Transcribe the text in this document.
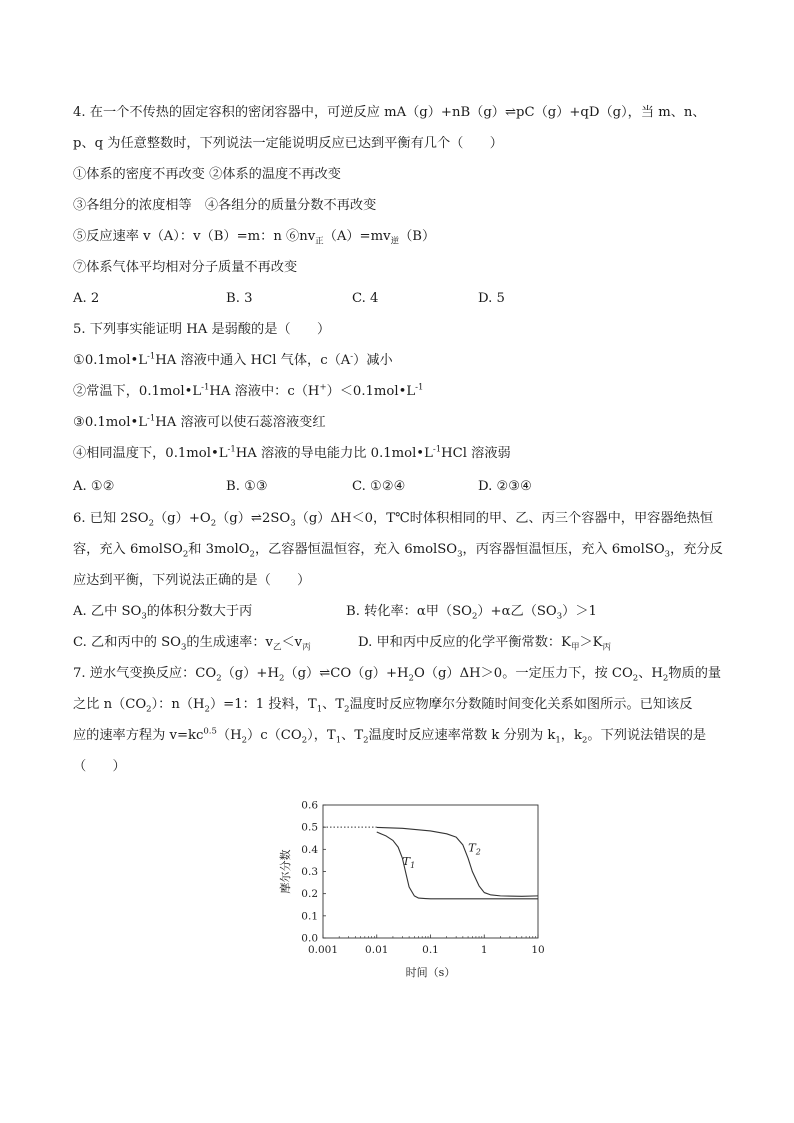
4. 在一个不传热的固定容积的密闭容器中，可逆反应 mA（g）+nB（g）⇌pC（g）+qD（g），当 m、n、
p、q 为任意整数时，下列说法一定能说明反应已达到平衡有几个（　　）
①体系的密度不再改变 ②体系的温度不再改变
③各组分的浓度相等　④各组分的质量分数不再改变
⑤反应速率 v（A）：v（B）=m：n $⑥nv_正(A)=mv_逆(B)$
⑦体系气体平均相对分子质量不再改变
A. 2	B. 3	C. 4	D. 5
5. 下列事实能证明 HA 是弱酸的是（　　）
$①0.1mol•L^{-1}HA$ 溶液中通入 HCl 气体，c（A-）减小
②常温下，$0.1mol•L^{-1}HA$ 溶液中：$c(H^+)<0.1mol•L^{-1}$
$③0.1mol•L^{-1}HA$ 溶液可以使石蕊溶液变红
④相同温度下，$0.1mol•L^{-1}HA$ 溶液的导电能力比 $0.1mol•L^{-1}HCl$ 溶液弱
A. ①②	B. ①③	C. ①②④	D. ②③④
6. 已知 $2SO_2(g)+O_2(g)\rightleftharpoons 2SO_3(g)\Delta H<0$，T℃时体积相同的甲、乙、丙三个容器中，甲容器绝热恒
容，充入 6molSO$_2$和 3molO$_2$，乙容器恒温恒容，充入 6molSO$_3$，丙容器恒温恒压，充入 6molSO$_3$，充分反
应达到平衡，下列说法正确的是（　　）
A. 乙中 $SO_3$的体积分数大于丙	B. 转化率：α甲$(SO_2)+\alpha$乙$(SO_3)>1$
C. 乙和丙中的 $SO_3$的生成速率：$v_乙<v_丙$	D. 甲和丙中反应的化学平衡常数：$K_甲>K_丙$
7. 逆水气变换反应：$CO_2(g)+H_2(g)\rightleftharpoons CO(g)+H_2O(g)\Delta H>0$。一定压力下，按 $CO_2$、$H_2$物质的量
之比 $n(CO_2)$：$n(H_2)=1$：1 投料，$T_1$、$T_2$温度时反应物摩尔分数随时间变化关系如图所示。已知该反
应的速率方程为 $v=kc^{0.5}(H_2)c(CO_2)$，$T_1$、$T_2$温度时反应速率常数 k 分别为 $k_1$，$k_2$。下列说法错误的是
（　　）
0.0
0.1
0.2
0.3
0.4
0.5
0.6
0.001	0.01	0.1	1	10
时间（s）
摩尔分数	$T_1$
$T_2$
